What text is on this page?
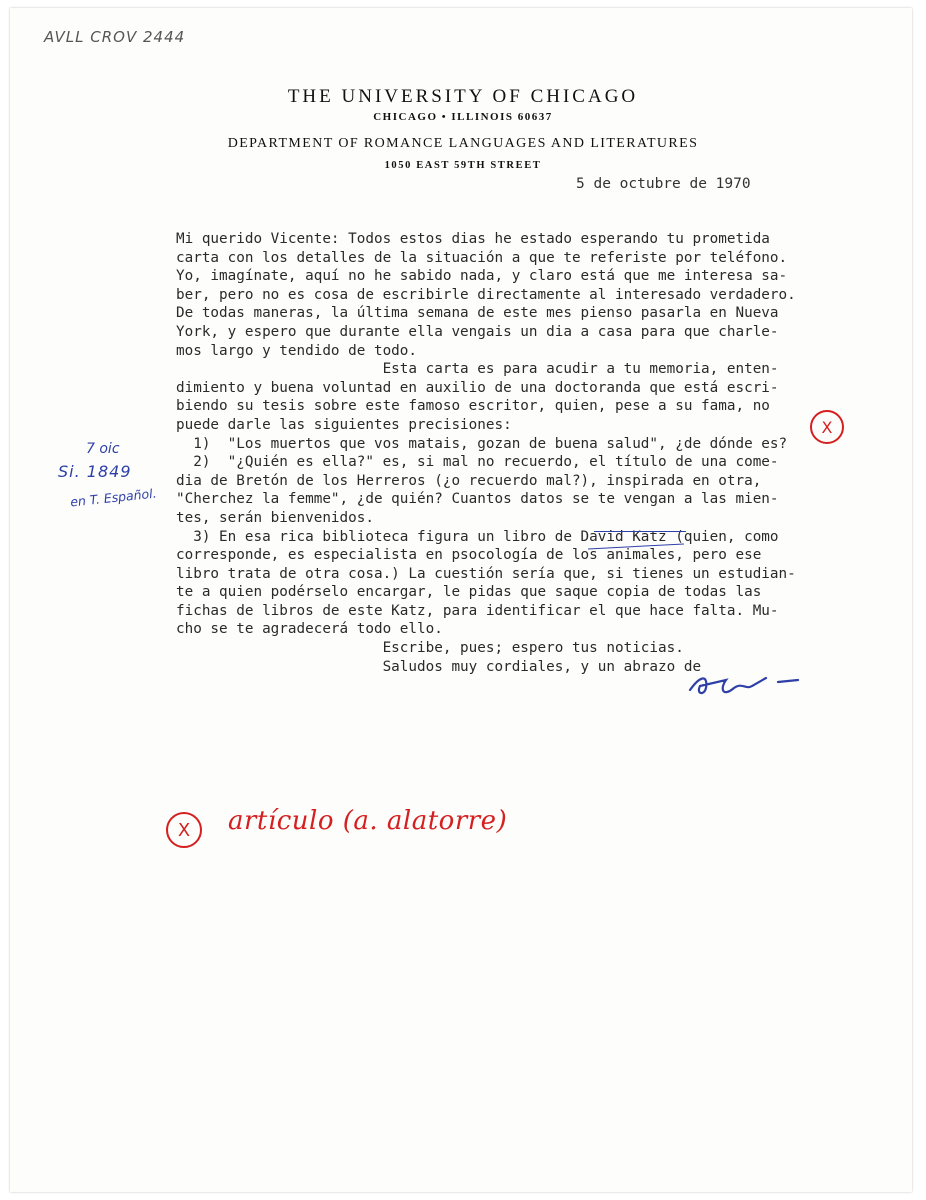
AVLL CROV 2444
THE UNIVERSITY OF CHICAGO
CHICAGO • ILLINOIS 60637
DEPARTMENT OF ROMANCE LANGUAGES AND LITERATURES
1050 EAST 59TH STREET
5 de octubre de 1970
Mi querido Vicente: Todos estos dias he estado esperando tu prometida
carta con los detalles de la situación a que te referiste por teléfono.
Yo, imagínate, aquí no he sabido nada, y claro está que me interesa sa-
ber, pero no es cosa de escribirle directamente al interesado verdadero.
De todas maneras, la última semana de este mes pienso pasarla en Nueva
York, y espero que durante ella vengais un dia a casa para que charle-
mos largo y tendido de todo.
Esta carta es para acudir a tu memoria, enten-
dimiento y buena voluntad en auxilio de una doctoranda que está escri-
biendo su tesis sobre este famoso escritor, quien, pese a su fama, no
puede darle las siguientes precisiones:
1)  "Los muertos que vos matais, gozan de buena salud", ¿de dónde es?
2)  "¿Quién es ella?" es, si mal no recuerdo, el título de una come-
dia de Bretón de los Herreros (¿o recuerdo mal?), inspirada en otra,
"Cherchez la femme", ¿de quién? Cuantos datos se te vengan a las mien-
tes, serán bienvenidos.
3) En esa rica biblioteca figura un libro de David Katz (quien, como
corresponde, es especialista en psocología de los animales, pero ese
libro trata de otra cosa.) La cuestión sería que, si tienes un estudian-
te a quien podérselo encargar, le pidas que saque copia de todas las
fichas de libros de este Katz, para identificar el que hace falta. Mu-
cho se te agradecerá todo ello.
Escribe, pues; espero tus noticias.
Saludos muy cordiales, y un abrazo de
7 oic
Si. 1849
en T. Español.
X
X	artículo (a. alatorre)
